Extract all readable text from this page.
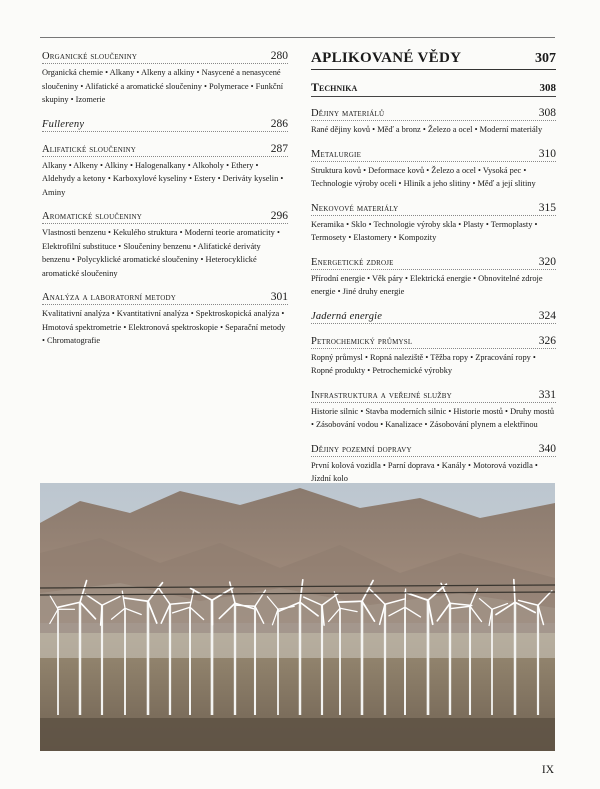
Organické sloučeniny	280
Organická chemie • Alkany • Alkeny a alkiny • Nasycené a nenasycené sloučeniny • Alifatické a aromatické sloučeniny • Polymerace • Funkční skupiny • Izomerie
Fullereny	286
Alifatické sloučeniny	287
Alkany • Alkeny • Alkiny • Halogenalkany • Alkoholy • Ethery • Aldehydy a ketony • Karboxylové kyseliny • Estery • Deriváty kyselin • Aminy
Aromatické sloučeniny	296
Vlastnosti benzenu • Kekulého struktura • Moderní teorie aromaticity • Elektrofilní substituce • Sloučeniny benzenu • Alifatické deriváty benzenu • Polycyklické aromatické sloučeniny • Heterocyklické aromatické sloučeniny
Analýza a laboratorní metody	301
Kvalitativní analýza • Kvantitativní analýza • Spektroskopická analýza • Hmotová spektrometrie • Elektronová spektroskopie • Separační metody • Chromatografie
APLIKOVANÉ VĚDY	307
Technika	308
Dějiny materiálů	308
Rané dějiny kovů • Měď a bronz • Železo a ocel • Moderní materiály
Metalurgie	310
Struktura kovů • Deformace kovů • Železo a ocel • Vysoká pec • Technologie výroby oceli • Hliník a jeho slitiny • Měď a její slitiny
Nekovové materiály	315
Keramika • Sklo • Technologie výroby skla • Plasty • Termoplasty • Termosety • Elastomery • Kompozity
Energetické zdroje	320
Přírodní energie • Věk páry • Elektrická energie • Obnovitelné zdroje energie • Jiné druhy energie
Jaderná energie	324
Petrochemický průmysl	326
Ropný průmysl • Ropná naleziště • Těžba ropy • Zpracování ropy • Ropné produkty • Petrochemické výrobky
Infrastruktura a veřejné služby	331
Historie silnic • Stavba moderních silnic • Historie mostů • Druhy mostů • Zásobování vodou • Kanalizace • Zásobování plynem a elektřinou
Dějiny pozemní dopravy	340
První kolová vozidla • Parní doprava • Kanály • Motorová vozidla • Jízdní kolo
IX
